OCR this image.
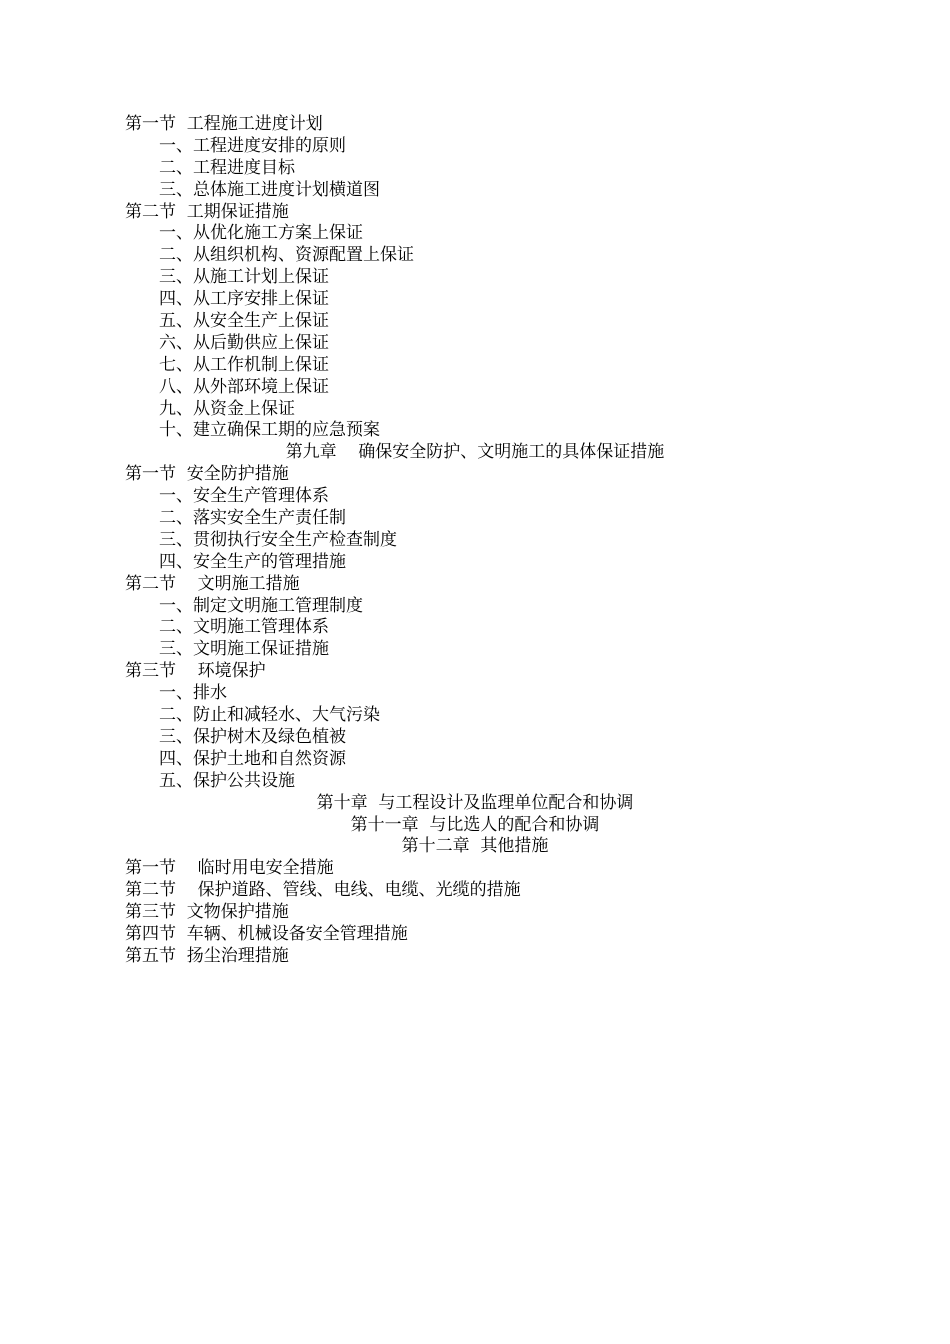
第一节  工程施工进度计划
一、工程进度安排的原则
二、工程进度目标
三、总体施工进度计划横道图
第二节  工期保证措施
一、从优化施工方案上保证
二、从组织机构、资源配置上保证
三、从施工计划上保证
四、从工序安排上保证
五、从安全生产上保证
六、从后勤供应上保证
七、从工作机制上保证
八、从外部环境上保证
九、从资金上保证
十、建立确保工期的应急预案
第九章    确保安全防护、文明施工的具体保证措施
第一节  安全防护措施
一、安全生产管理体系
二、落实安全生产责任制
三、贯彻执行安全生产检查制度
四、安全生产的管理措施
第二节    文明施工措施
一、制定文明施工管理制度
二、文明施工管理体系
三、文明施工保证措施
第三节    环境保护
一、排水
二、防止和减轻水、大气污染
三、保护树木及绿色植被
四、保护土地和自然资源
五、保护公共设施
第十章  与工程设计及监理单位配合和协调
第十一章  与比选人的配合和协调
第十二章  其他措施
第一节    临时用电安全措施
第二节    保护道路、管线、电线、电缆、光缆的措施
第三节  文物保护措施
第四节  车辆、机械设备安全管理措施
第五节  扬尘治理措施
